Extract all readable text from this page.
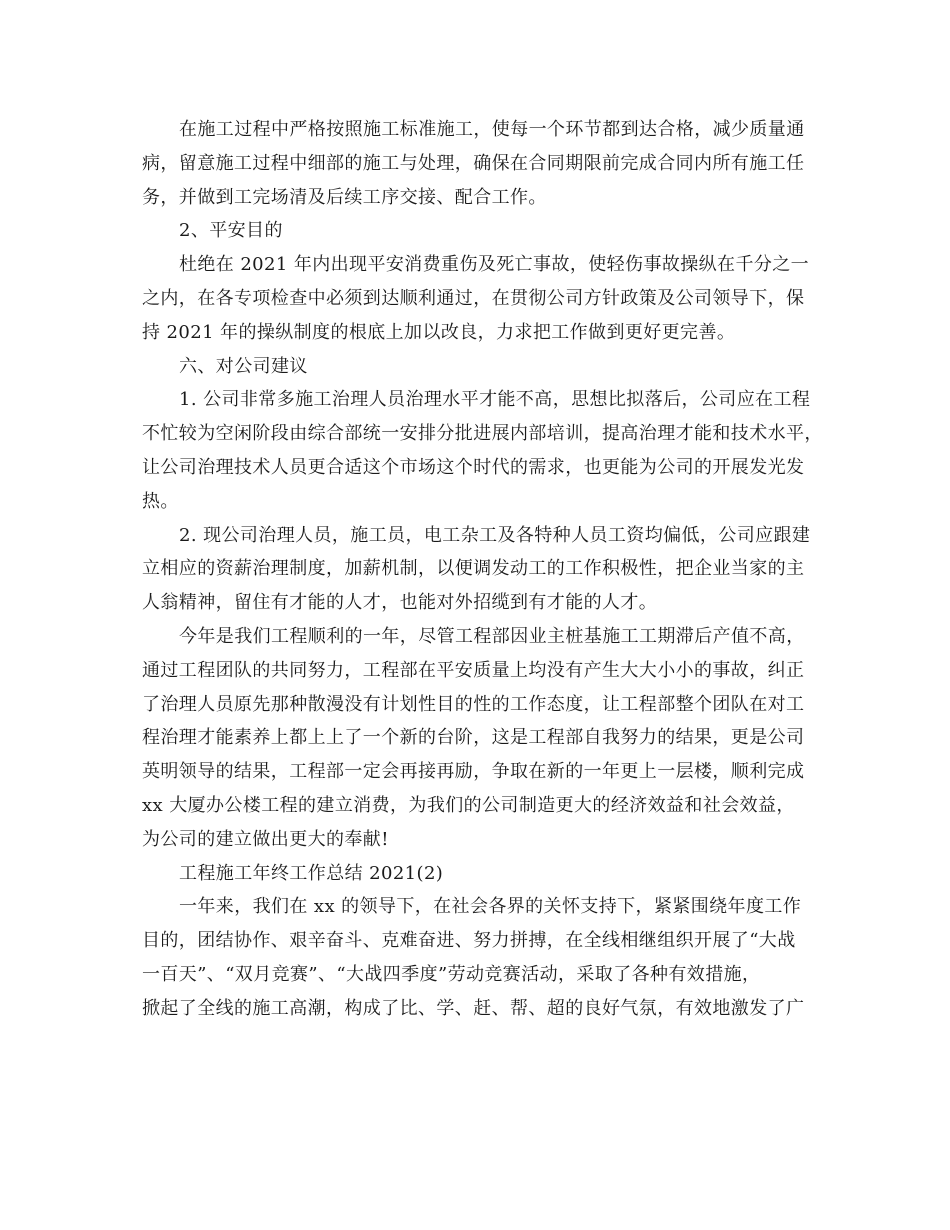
在施工过程中严格按照施工标准施工，使每一个环节都到达合格，减少质量通
病，留意施工过程中细部的施工与处理，确保在合同期限前完成合同内所有施工任
务，并做到工完场清及后续工序交接、配合工作。
2、平安目的
杜绝在 2021 年内出现平安消费重伤及死亡事故，使轻伤事故操纵在千分之一
之内，在各专项检查中必须到达顺利通过，在贯彻公司方针政策及公司领导下，保
持 2021 年的操纵制度的根底上加以改良，力求把工作做到更好更完善。
六、对公司建议
1. 公司非常多施工治理人员治理水平才能不高，思想比拟落后，公司应在工程
不忙较为空闲阶段由综合部统一安排分批进展内部培训，提高治理才能和技术水平，
让公司治理技术人员更合适这个市场这个时代的需求，也更能为公司的开展发光发
热。
2. 现公司治理人员，施工员，电工杂工及各特种人员工资均偏低，公司应跟建
立相应的资薪治理制度，加薪机制，以便调发动工的工作积极性，把企业当家的主
人翁精神，留住有才能的人才，也能对外招缆到有才能的人才。
今年是我们工程顺利的一年，尽管工程部因业主桩基施工工期滞后产值不高，
通过工程团队的共同努力，工程部在平安质量上均没有产生大大小小的事故，纠正
了治理人员原先那种散漫没有计划性目的性的工作态度，让工程部整个团队在对工
程治理才能素养上都上上了一个新的台阶，这是工程部自我努力的结果，更是公司
英明领导的结果，工程部一定会再接再励，争取在新的一年更上一层楼，顺利完成
xx 大厦办公楼工程的建立消费，为我们的公司制造更大的经济效益和社会效益，
为公司的建立做出更大的奉献!
工程施工年终工作总结 2021(2)
一年来，我们在 xx 的领导下，在社会各界的关怀支持下，紧紧围绕年度工作
目的，团结协作、艰辛奋斗、克难奋进、努力拼搏，在全线相继组织开展了“大战
一百天”、“双月竞赛”、“大战四季度”劳动竞赛活动，采取了各种有效措施，
掀起了全线的施工高潮，构成了比、学、赶、帮、超的良好气氛，有效地激发了广
